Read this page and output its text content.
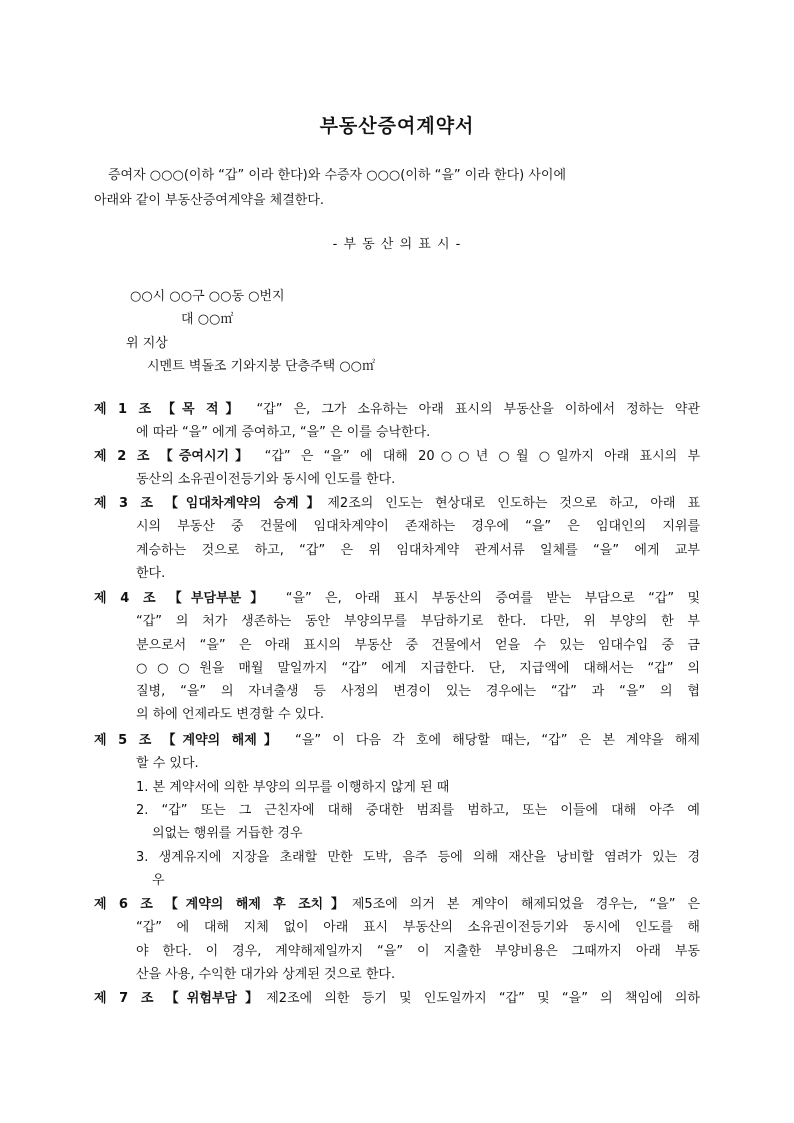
부동산증여계약서
증여자 ○○○(이하 “갑” 이라 한다)와 수증자 ○○○(이하 “을” 이라 한다) 사이에
아래와 같이 부동산증여계약을 체결한다.
- 부 동 산 의 표 시 -
○○시 ○○구 ○○동 ○번지
대 ○○㎡
위 지상
시멘트 벽돌조 기와지붕 단층주택 ○○㎡
제 1 조 【목 적】 “갑” 은, 그가 소유하는 아래 표시의 부동산을 이하에서 정하는 약관
에 따라 “을” 에게 증여하고, “을” 은 이를 승낙한다.
제 2 조 【증여시기】 “갑” 은 “을” 에 대해 20○○년 ○월 ○일까지 아래 표시의 부
동산의 소유권이전등기와 동시에 인도를 한다.
제 3 조 【임대차계약의 승계】제2조의 인도는 현상대로 인도하는 것으로 하고, 아래 표
시의 부동산 중 건물에 임대차계약이 존재하는 경우에 “을” 은 임대인의 지위를
계승하는 것으로 하고, “갑” 은 위 임대차계약 관계서류 일체를 “을” 에게 교부
한다.
제 4 조 【부담부분】 “을” 은, 아래 표시 부동산의 증여를 받는 부담으로 “갑” 및
“갑” 의 처가 생존하는 동안 부양의무를 부담하기로 한다. 다만, 위 부양의 한 부
분으로서 “을” 은 아래 표시의 부동산 중 건물에서 얻을 수 있는 임대수입 중 금
○○○원을 매월 말일까지 “갑” 에게 지급한다. 단, 지급액에 대해서는 “갑” 의
질병, “을” 의 자녀출생 등 사정의 변경이 있는 경우에는 “갑” 과 “을” 의 협
의 하에 언제라도 변경할 수 있다.
제 5 조 【계약의 해제】 “을” 이 다음 각 호에 해당할 때는, “갑” 은 본 계약을 해제
할 수 있다.
1. 본 계약서에 의한 부양의 의무를 이행하지 않게 된 때
2. “갑” 또는 그 근친자에 대해 중대한 범죄를 범하고, 또는 이들에 대해 아주 예
의없는 행위를 거듭한 경우
3. 생계유지에 지장을 초래할 만한 도박, 음주 등에 의해 재산을 낭비할 염려가 있는 경
우
제 6 조 【계약의 해제 후 조치】제5조에 의거 본 계약이 해제되었을 경우는, “을” 은
“갑” 에 대해 지체 없이 아래 표시 부동산의 소유권이전등기와 동시에 인도를 해
야 한다. 이 경우, 계약해제일까지 “을” 이 지출한 부양비용은 그때까지 아래 부동
산을 사용, 수익한 대가와 상계된 것으로 한다.
제 7 조 【위험부담】제2조에 의한 등기 및 인도일까지 “갑” 및 “을” 의 책임에 의하
